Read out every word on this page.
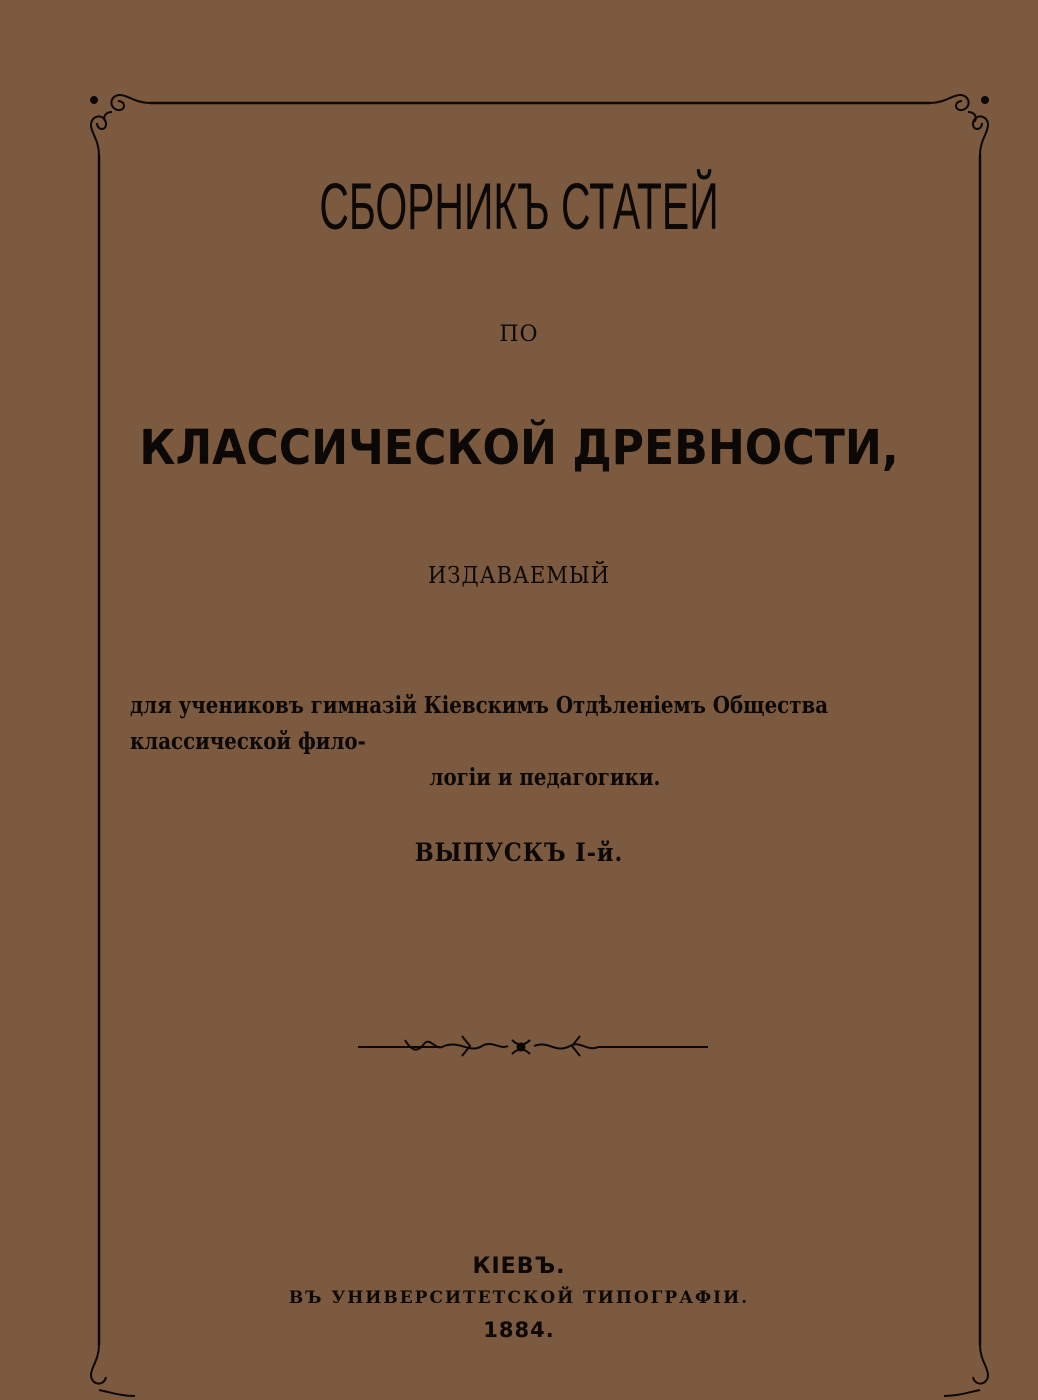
СБОРНИКЪ СТАТЕЙ
ПО
КЛАССИЧЕСКОЙ ДРЕВНОСТИ,
ИЗДАВАЕМЫЙ
для учениковъ гимназій Кіевскимъ Отдѣленіемъ Общества классической фило-

логіи и педагогики.
ВЫПУСКЪ I-й.
КІЕВЪ.
ВЪ УНИВЕРСИТЕТСКОЙ ТИПОГРАФІИ.
1884.
